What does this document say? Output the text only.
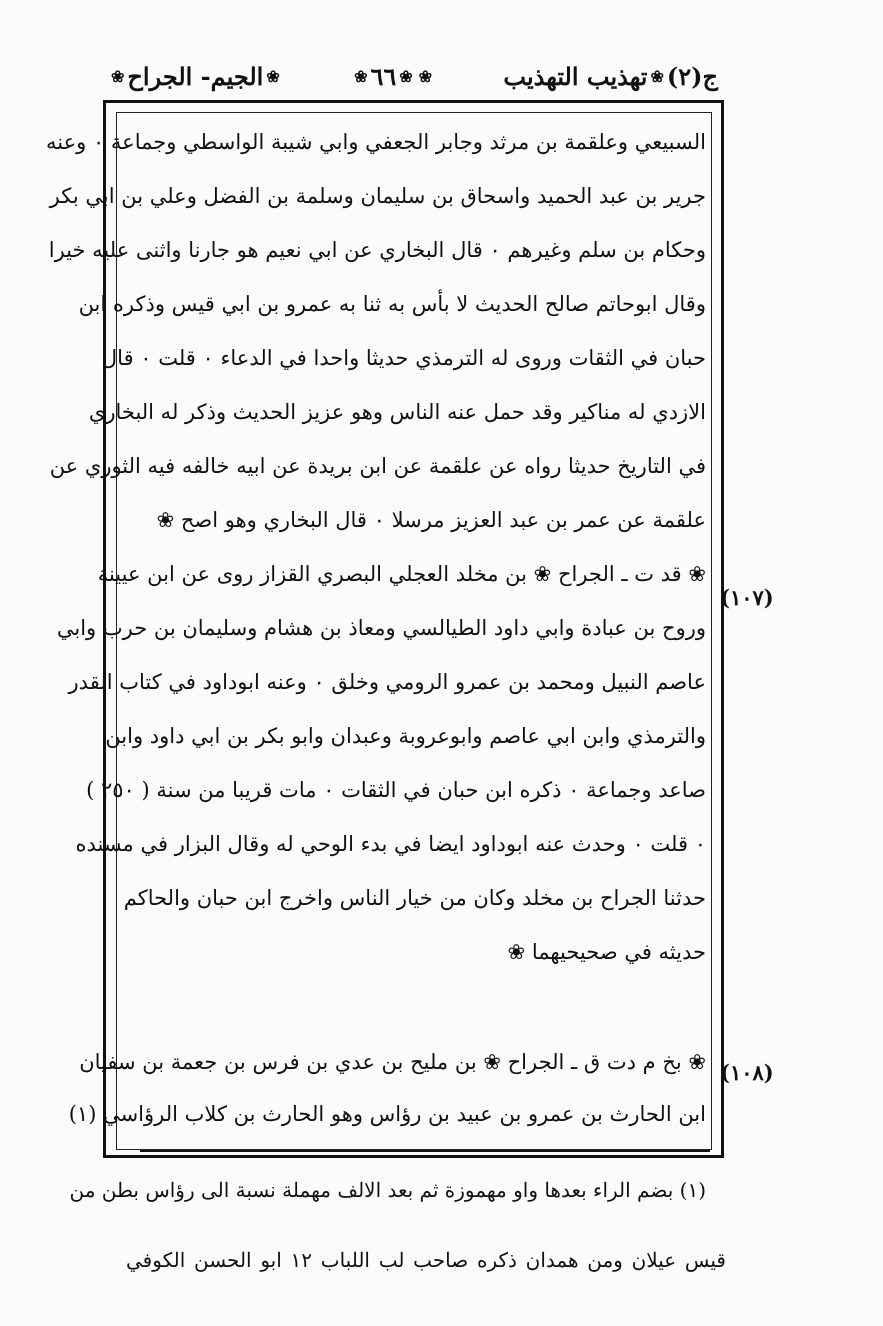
ج(٢)
❀
تهذيب التهذيب
❀
❀
٦٦
❀
❀
الجيم- الجراح
❀
السبيعي وعلقمة بن مرثد وجابر الجعفي وابي شيبة الواسطي وجماعة ٠ وعنه
جرير بن عبد الحميد واسحاق بن سليمان وسلمة بن الفضل وعلي بن ابي بكر
وحكام بن سلم وغيرهم ٠ قال البخاري عن ابي نعيم هو جارنا واثنى عليه خيرا
وقال ابوحاتم صالح الحديث لا بأس به ثنا به عمرو بن ابي قيس وذكره ابن
حبان في الثقات وروى له الترمذي حديثا واحدا في الدعاء ٠ قلت ٠ قال
الازدي له مناكير وقد حمل عنه الناس وهو عزيز الحديث وذكر له البخاري
في التاريخ حديثا رواه عن علقمة عن ابن بريدة عن ابيه خالفه فيه الثوري عن
علقمة عن عمر بن عبد العزيز مرسلا ٠ قال البخاري وهو اصح ❀
❀ قد ت ـ الجراح ❀ بن مخلد العجلي البصري القزاز روى عن ابن عيينة
وروح بن عبادة وابي داود الطيالسي ومعاذ بن هشام وسليمان بن حرب وابي
عاصم النبيل ومحمد بن عمرو الرومي وخلق ٠ وعنه ابوداود في كتاب القدر
والترمذي وابن ابي عاصم وابوعروبة وعبدان وابو بكر بن ابي داود وابن
صاعد وجماعة ٠ ذكره ابن حبان في الثقات ٠ مات قريبا من سنة ( ٢٥٠ )
٠ قلت ٠ وحدث عنه ابوداود ايضا في بدء الوحي له وقال البزار في مسنده
حدثنا الجراح بن مخلد وكان من خيار الناس واخرج ابن حبان والحاكم
حديثه في صحيحيهما ❀
❀ بخ م دت ق ـ الجراح ❀ بن مليح بن عدي بن فرس بن جعمة بن سفيان
ابن الحارث بن عمرو بن عبيد بن رؤاس وهو الحارث بن كلاب الرؤاسي (١)
(١٠٧)
(١٠٨)
(١) بضم الراء بعدها واو مهموزة ثم بعد الالف مهملة نسبة الى رؤاس بطن من
قيس عيلان ومن همدان ذكره صاحب لب اللباب ١٢ ابو الحسن الكوفي
